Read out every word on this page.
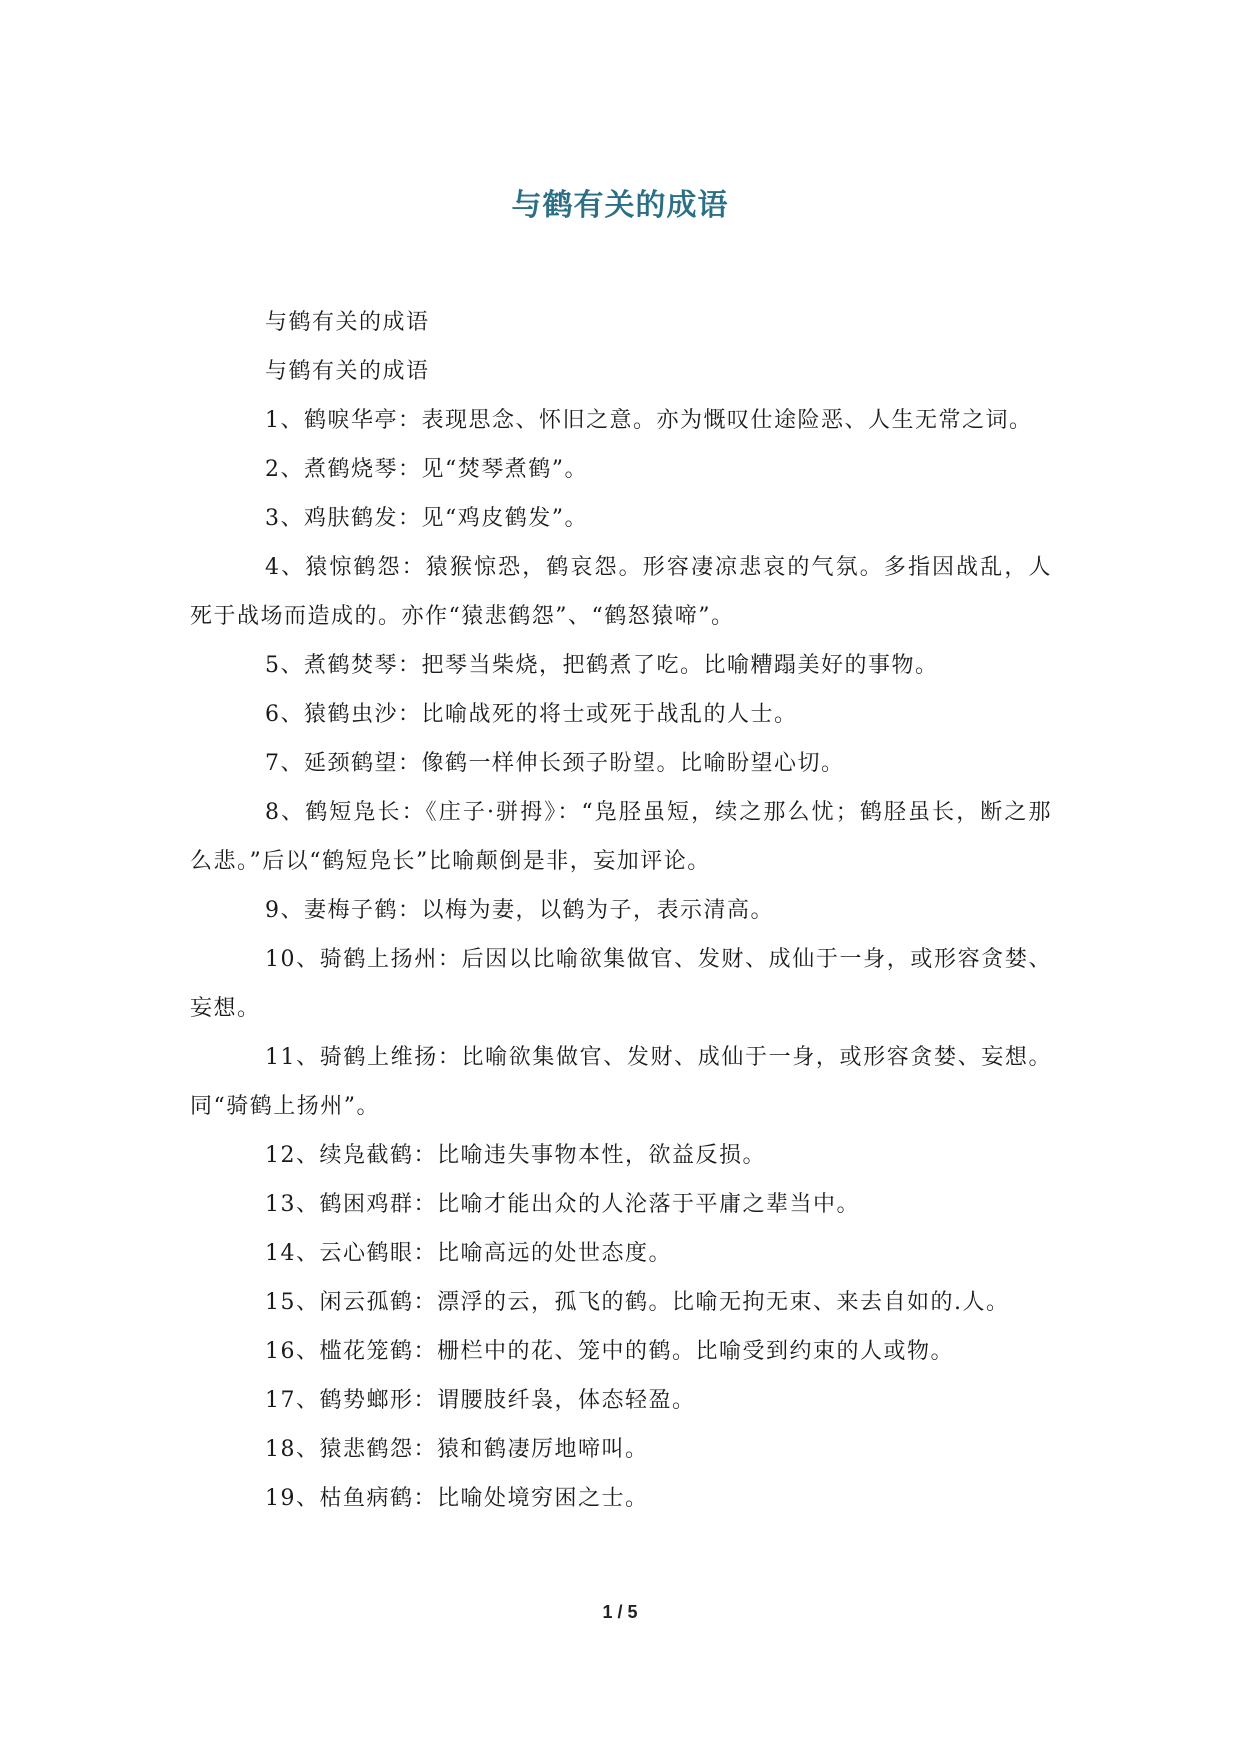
与鹤有关的成语

与鹤有关的成语

与鹤有关的成语

1、鹤唳华亭：表现思念、怀旧之意。亦为慨叹仕途险恶、人生无常之词。

2、煮鹤烧琴：见“焚琴煮鹤”。

3、鸡肤鹤发：见“鸡皮鹤发”。

4、猿惊鹤怨：猿猴惊恐，鹤哀怨。形容凄凉悲哀的气氛。多指因战乱，人死于战场而造成的。亦作“猿悲鹤怨”、“鹤怒猿啼”。

5、煮鹤焚琴：把琴当柴烧，把鹤煮了吃。比喻糟蹋美好的事物。

6、猿鹤虫沙：比喻战死的将士或死于战乱的人士。

7、延颈鹤望：像鹤一样伸长颈子盼望。比喻盼望心切。

8、鹤短凫长：《庄子·骈拇》：“凫胫虽短，续之那么忧；鹤胫虽长，断之那么悲。”后以“鹤短凫长”比喻颠倒是非，妄加评论。

9、妻梅子鹤：以梅为妻，以鹤为子，表示清高。

10、骑鹤上扬州：后因以比喻欲集做官、发财、成仙于一身，或形容贪婪、妄想。

11、骑鹤上维扬：比喻欲集做官、发财、成仙于一身，或形容贪婪、妄想。同“骑鹤上扬州”。

12、续凫截鹤：比喻违失事物本性，欲益反损。

13、鹤困鸡群：比喻才能出众的人沦落于平庸之辈当中。

14、云心鹤眼：比喻高远的处世态度。

15、闲云孤鹤：漂浮的云，孤飞的鹤。比喻无拘无束、来去自如的.人。

16、槛花笼鹤：栅栏中的花、笼中的鹤。比喻受到约束的人或物。

17、鹤势螂形：谓腰肢纤袅，体态轻盈。

18、猿悲鹤怨：猿和鹤凄厉地啼叫。

19、枯鱼病鹤：比喻处境穷困之士。

1 / 5
